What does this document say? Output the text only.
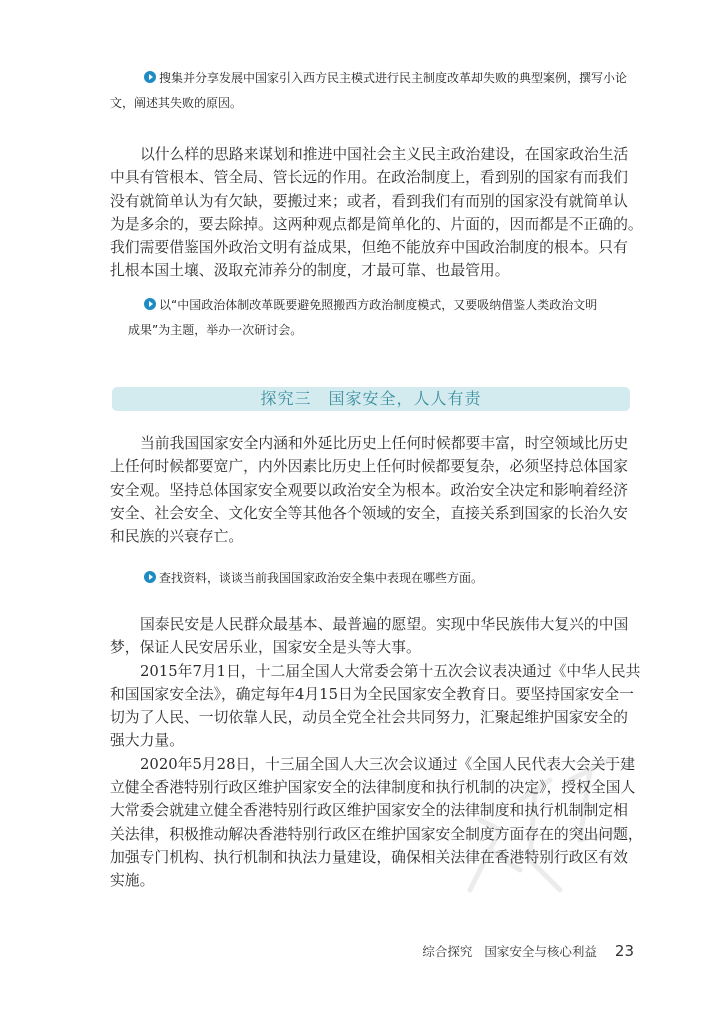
搜集并分享发展中国家引入西方民主模式进行民主制度改革却失败的典型案例，撰写小论
文，阐述其失败的原因。
以什么样的思路来谋划和推进中国社会主义民主政治建设，在国家政治生活
中具有管根本、管全局、管长远的作用。在政治制度上，看到别的国家有而我们
没有就简单认为有欠缺，要搬过来；或者，看到我们有而别的国家没有就简单认
为是多余的，要去除掉。这两种观点都是简单化的、片面的，因而都是不正确的。
我们需要借鉴国外政治文明有益成果，但绝不能放弃中国政治制度的根本。只有
扎根本国土壤、汲取充沛养分的制度，才最可靠、也最管用。
以“中国政治体制改革既要避免照搬西方政治制度模式，又要吸纳借鉴人类政治文明
成果”为主题，举办一次研讨会。
探究三　国家安全，人人有责
当前我国国家安全内涵和外延比历史上任何时候都要丰富，时空领域比历史
上任何时候都要宽广，内外因素比历史上任何时候都要复杂，必须坚持总体国家
安全观。坚持总体国家安全观要以政治安全为根本。政治安全决定和影响着经济
安全、社会安全、文化安全等其他各个领域的安全，直接关系到国家的长治久安
和民族的兴衰存亡。
查找资料，谈谈当前我国国家政治安全集中表现在哪些方面。
国泰民安是人民群众最基本、最普遍的愿望。实现中华民族伟大复兴的中国
梦，保证人民安居乐业，国家安全是头等大事。
2015年7月1日，十二届全国人大常委会第十五次会议表决通过《中华人民共
和国国家安全法》，确定每年4月15日为全民国家安全教育日。要坚持国家安全一
切为了人民、一切依靠人民，动员全党全社会共同努力，汇聚起维护国家安全的
强大力量。
2020年5月28日，十三届全国人大三次会议通过《全国人民代表大会关于建
立健全香港特别行政区维护国家安全的法律制度和执行机制的决定》，授权全国人
大常委会就建立健全香港特别行政区维护国家安全的法律制度和执行机制制定相
关法律，积极推动解决香港特别行政区在维护国家安全制度方面存在的突出问题，
加强专门机构、执行机制和执法力量建设，确保相关法律在香港特别行政区有效
实施。
综合探究 国家安全与核心利益 23
